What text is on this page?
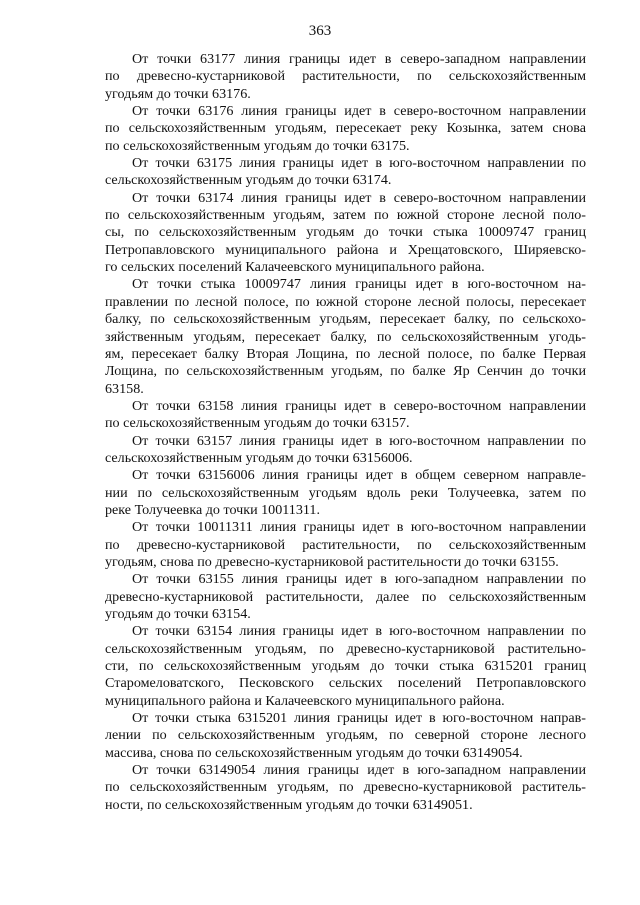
363

От точки 63177 линия границы идет в северо-западном направлении
по древесно-кустарниковой растительности, по сельскохозяйственным
угодьям до точки 63176.

От точки 63176 линия границы идет в северо-восточном направлении
по сельскохозяйственным угодьям, пересекает реку Козынка, затем снова
по сельскохозяйственным угодьям до точки 63175.

От точки 63175 линия границы идет в юго-восточном направлении по
сельскохозяйственным угодьям до точки 63174.

От точки 63174 линия границы идет в северо-восточном направлении
по сельскохозяйственным угодьям, затем по южной стороне лесной поло-
сы, по сельскохозяйственным угодьям до точки стыка 10009747 границ
Петропавловского муниципального района и Хрещатовского, Ширяевско-
го сельских поселений Калачеевского муниципального района.

От точки стыка 10009747 линия границы идет в юго-восточном на-
правлении по лесной полосе, по южной стороне лесной полосы, пересекает
балку, по сельскохозяйственным угодьям, пересекает балку, по сельскохо-
зяйственным угодьям, пересекает балку, по сельскохозяйственным угодь-
ям, пересекает балку Вторая Лощина, по лесной полосе, по балке Первая
Лощина, по сельскохозяйственным угодьям, по балке Яр Сенчин до точки
63158.

От точки 63158 линия границы идет в северо-восточном направлении
по сельскохозяйственным угодьям до точки 63157.

От точки 63157 линия границы идет в юго-восточном направлении по
сельскохозяйственным угодьям до точки 63156006.

От точки 63156006 линия границы идет в общем северном направле-
нии по сельскохозяйственным угодьям вдоль реки Толучеевка, затем по
реке Толучеевка до точки 10011311.

От точки 10011311 линия границы идет в юго-восточном направлении
по древесно-кустарниковой растительности, по сельскохозяйственным
угодьям, снова по древесно-кустарниковой растительности до точки 63155.

От точки 63155 линия границы идет в юго-западном направлении по
древесно-кустарниковой растительности, далее по сельскохозяйственным
угодьям до точки 63154.

От точки 63154 линия границы идет в юго-восточном направлении по
сельскохозяйственным угодьям, по древесно-кустарниковой растительно-
сти, по сельскохозяйственным угодьям до точки стыка 6315201 границ
Старомеловатского, Песковского сельских поселений Петропавловского
муниципального района и Калачеевского муниципального района.

От точки стыка 6315201 линия границы идет в юго-восточном направ-
лении по сельскохозяйственным угодьям, по северной стороне лесного
массива, снова по сельскохозяйственным угодьям до точки 63149054.

От точки 63149054 линия границы идет в юго-западном направлении
по сельскохозяйственным угодьям, по древесно-кустарниковой раститель-
ности, по сельскохозяйственным угодьям до точки 63149051.
